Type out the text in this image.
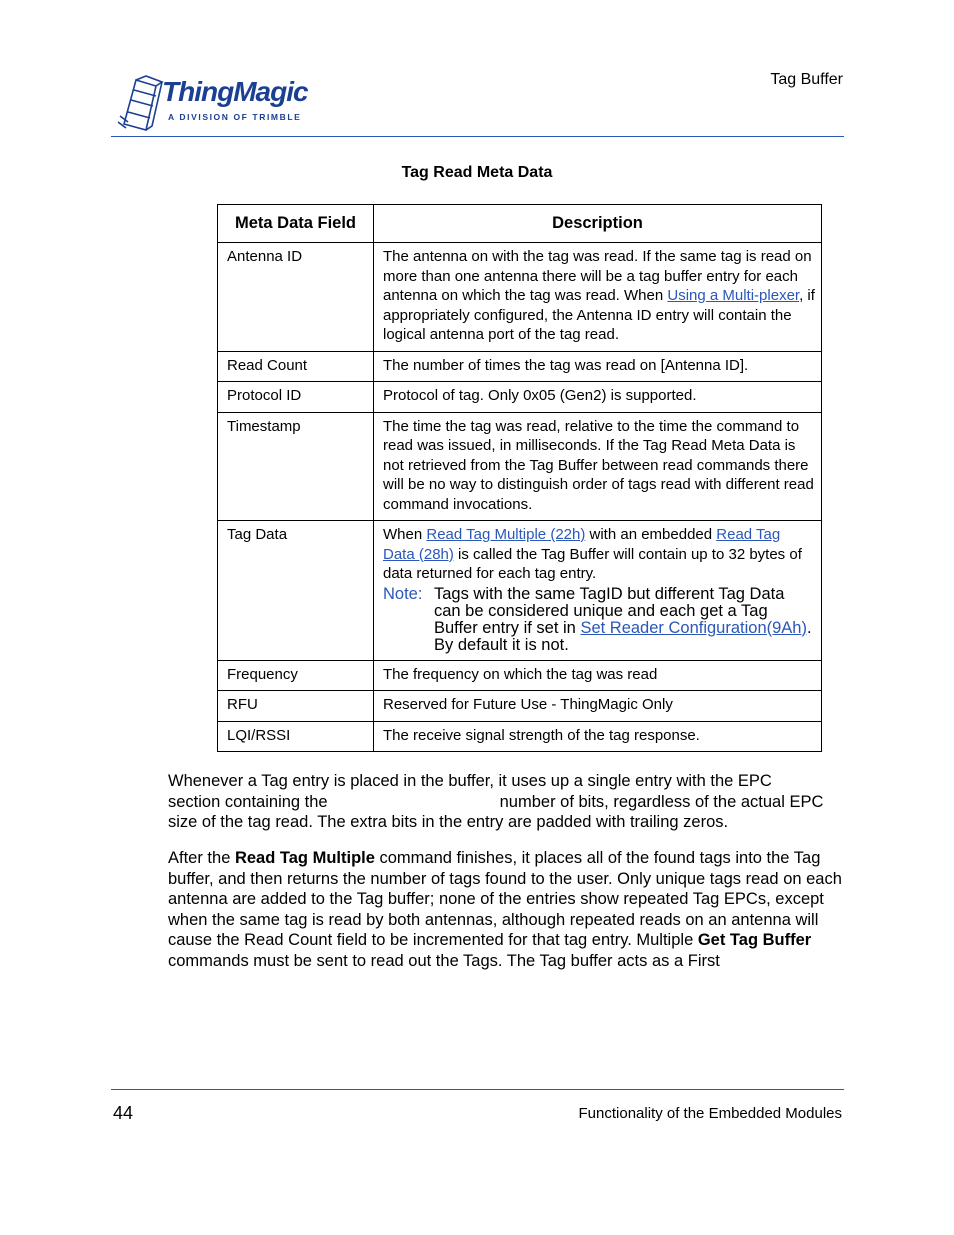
ThingMagic
A DIVISION OF TRIMBLE
Tag Buffer
Tag Read Meta Data
Meta Data Field	Description
Antenna ID	The antenna on with the tag was read. If the same tag is read on more than one antenna there will be a tag buffer entry for each antenna on which the tag was read. When Using a Multi-plexer, if appropriately configured, the Antenna ID entry will contain the logical antenna port of the tag read.
Read Count	The number of times the tag was read on [Antenna ID].
Protocol ID	Protocol of tag. Only 0x05 (Gen2) is supported.
Timestamp	The time the tag was read, relative to the time the command to read was issued, in milliseconds. If the Tag Read Meta Data is not retrieved from the Tag Buffer between read commands there will be no way to distinguish order of tags read with different read command invocations.
Tag Data	When Read Tag Multiple (22h) with an embedded Read Tag Data (28h) is called the Tag Buffer will contain up to 32 bytes of data returned for each tag entry.
Note: Tags with the same TagID but different Tag Data can be considered unique and each get a Tag Buffer entry if set in Set Reader Configuration(9Ah). By default it is not.

Frequency	The frequency on which the tag was read
RFU	Reserved for Future Use - ThingMagic Only
LQI/RSSI	The receive signal strength of the tag response.

Whenever a Tag entry is placed in the buffer, it uses up a single entry with the EPC

section containing the	number of bits, regardless of the actual EPC

size of the tag read. The extra bits in the entry are padded with trailing zeros.

After the Read Tag Multiple command finishes, it places all of the found tags into the Tag buffer, and then returns the number of tags found to the user. Only unique tags read on each antenna are added to the Tag buffer; none of the entries show repeated Tag EPCs, except when the same tag is read by both antennas, although repeated reads on an antenna will cause the Read Count field to be incremented for that tag entry. Multiple Get Tag Buffer commands must be sent to read out the Tags. The Tag buffer acts as a First

44	Functionality of the Embedded Modules
